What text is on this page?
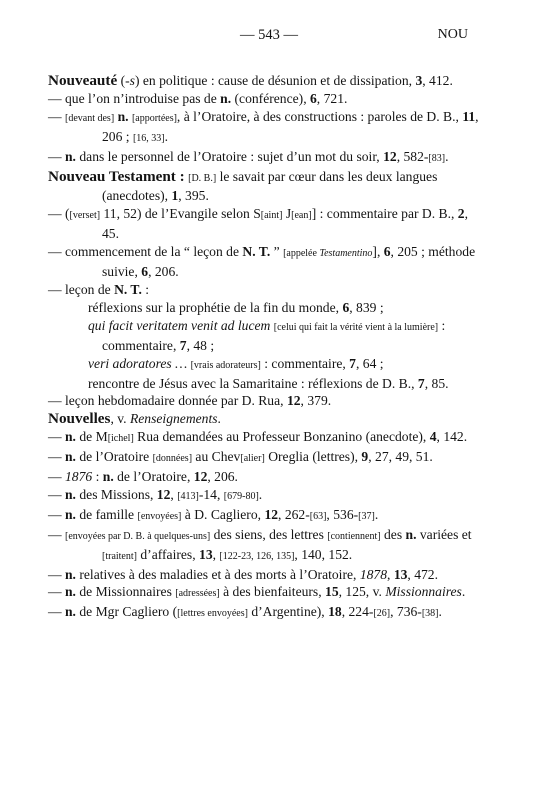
— 543 —	NOU

Nouveauté (-s) en politique : cause de désunion et de dissipation, 3, 412.

— que l’on n’introduise pas de n. (conférence), 6, 721.

— [devant des] n. [apportées], à l’Oratoire, à des constructions : paroles de D. B., 11, 206 ; [16, 33].

— n. dans le personnel de l’Oratoire : sujet d’un mot du soir, 12, 582-[83].

Nouveau Testament : [D. B.] le savait par cœur dans les deux langues (anecdotes), 1, 395.

— ([verset] 11, 52) de l’Evangile selon S[aint] J[ean]] : commentaire par D. B., 2, 45.

— commencement de la “ leçon de N. T. ” [appelée Testamentino], 6, 205 ; méthode suivie, 6, 206.

— leçon de N. T. :

réflexions sur la prophétie de la fin du monde, 6, 839 ;

qui facit veritatem venit ad lucem [celui qui fait la vérité vient à la lumière] : commentaire, 7, 48 ;

veri adoratores … [vrais adorateurs] : commentaire, 7, 64 ;

rencontre de Jésus avec la Samaritaine : réflexions de D. B., 7, 85.

— leçon hebdomadaire donnée par D. Rua, 12, 379.

Nouvelles, v. Renseignements.

— n. de M[ichel] Rua demandées au Professeur Bonzanino (anecdote), 4, 142.

— n. de l’Oratoire [données] au Chev[alier] Oreglia (lettres), 9, 27, 49, 51.

— 1876 : n. de l’Oratoire, 12, 206.

— n. des Missions, 12, [413]-14, [679-80].

— n. de famille [envoyées] à D. Cagliero, 12, 262-[63], 536-[37].

— [envoyées par D. B. à quelques-uns] des siens, des lettres [contiennent] des n. variées et [traitent] d’affaires, 13, [122-23, 126, 135], 140, 152.

— n. relatives à des maladies et à des morts à l’Oratoire, 1878, 13, 472.

— n. de Missionnaires [adressées] à des bienfaiteurs, 15, 125, v. Missionnaires.

— n. de Mgr Cagliero ([lettres envoyées] d’Argentine), 18, 224-[26], 736-[38].
